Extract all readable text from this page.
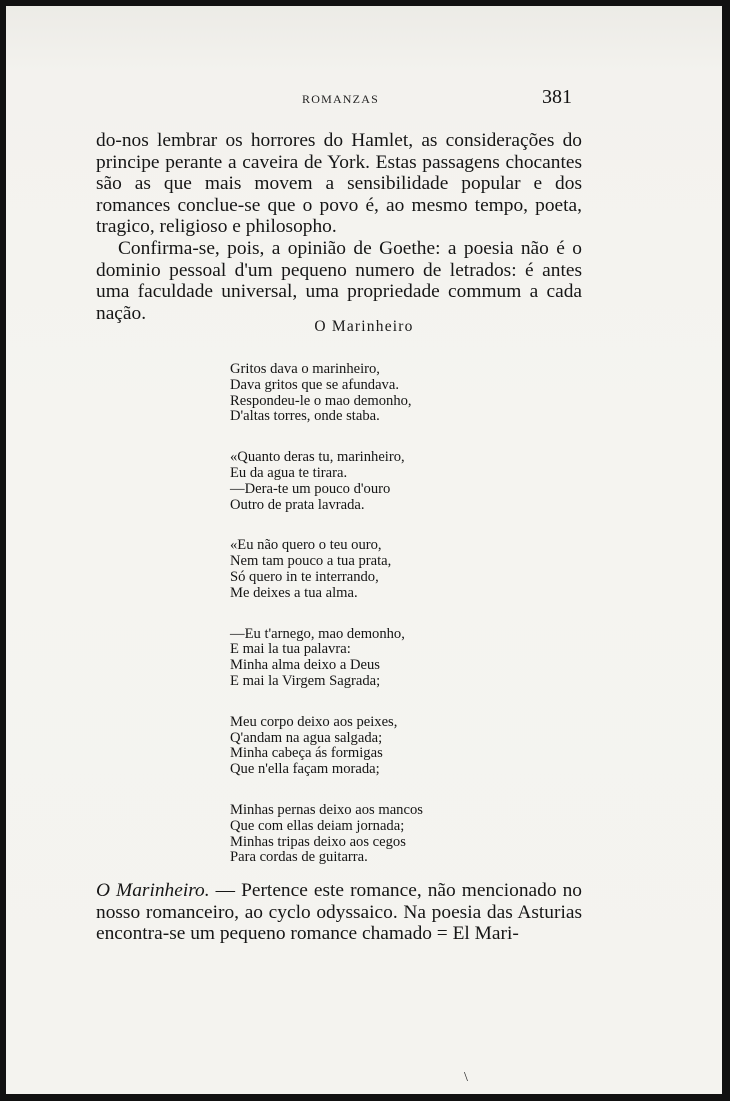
ROMANZAS	381

do-nos lembrar os horrores do Hamlet, as considerações do principe perante a caveira de York. Estas passagens chocantes são as que mais movem a sensibilidade popular e dos romances conclue-se que o povo é, ao mesmo tempo, poeta, tragico, religioso e philosopho.

Confirma-se, pois, a opinião de Goethe: a poesia não é o dominio pessoal d'um pequeno numero de letrados: é antes uma faculdade universal, uma propriedade commum a cada nação.

O Marinheiro
Gritos dava o marinheiro,
Dava gritos que se afundava.
Respondeu-le o mao demonho,
D'altas torres, onde staba.
«Quanto deras tu, marinheiro,
Eu da agua te tirara.
—Dera-te um pouco d'ouro
Outro de prata lavrada.
«Eu não quero o teu ouro,
Nem tam pouco a tua prata,
Só quero in te interrando,
Me deixes a tua alma.
—Eu t'arnego, mao demonho,
E mai la tua palavra:
Minha alma deixo a Deus
E mai la Virgem Sagrada;
Meu corpo deixo aos peixes,
Q'andam na agua salgada;
Minha cabeça ás formigas
Que n'ella façam morada;
Minhas pernas deixo aos mancos
Que com ellas deiam jornada;
Minhas tripas deixo aos cegos
Para cordas de guitarra.

O Marinheiro. — Pertence este romance, não mencionado no nosso romanceiro, ao cyclo odyssaico. Na poesia das Asturias encontra-se um pequeno romance chamado = El Mari-

\
